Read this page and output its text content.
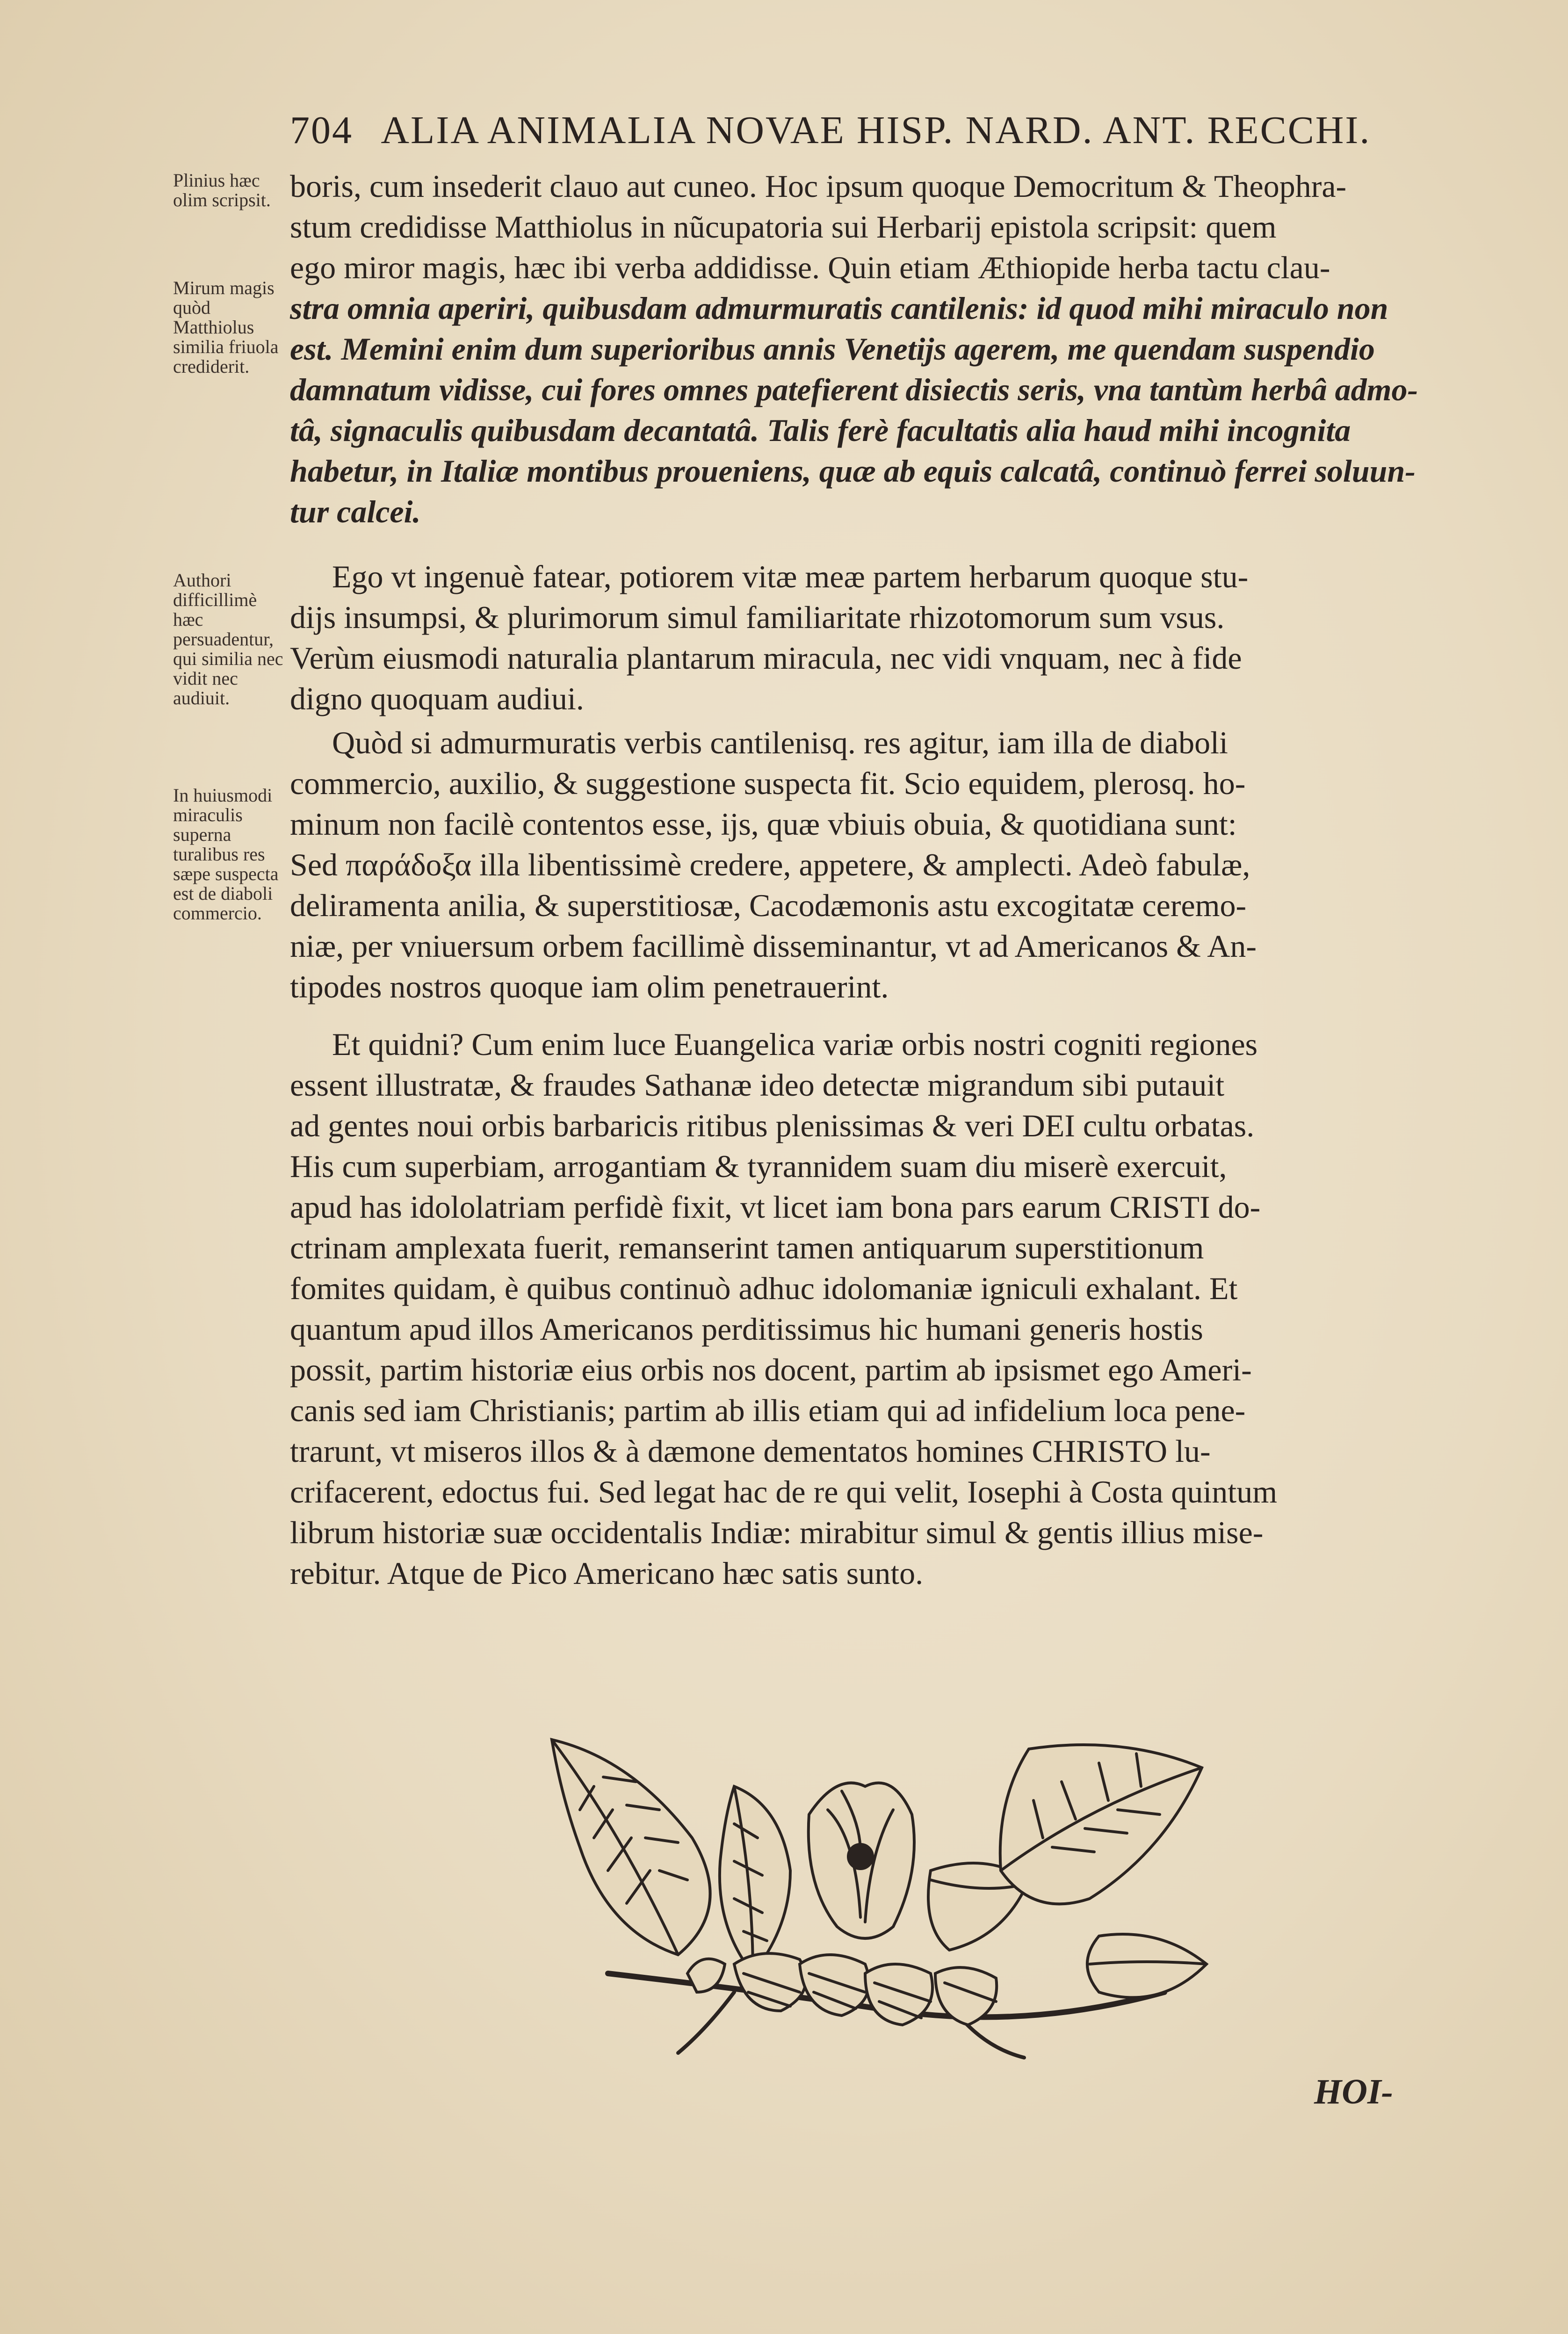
704 ALIA ANIMALIA NOVAE HISP. NARD. ANT. RECCHI.
Plinius hæc olim scripsit.
Mirum magis quòd Matthiolus similia friuola crediderit.
Authori difficillimè hæc persuadentur, qui similia nec vidit nec audiuit.
In huiusmodi miraculis superna turalibus res sæpe suspecta est de diaboli commercio.
boris, cum insederit clauo aut cuneo. Hoc ipsum quoque Democritum & Theophra-
stum credidisse Matthiolus in nũcupatoria sui Herbarij epistola scripsit: quem
ego miror magis, hæc ibi verba addidisse. Quin etiam Æthiopide herba tactu clau-
stra omnia aperiri, quibusdam admurmuratis cantilenis: id quod mihi miraculo non
est. Memini enim dum superioribus annis Venetijs agerem, me quendam suspendio
damnatum vidisse, cui fores omnes patefierent disiectis seris, vna tantùm herbâ admo-
tâ, signaculis quibusdam decantatâ. Talis ferè facultatis alia haud mihi incognita
habetur, in Italiæ montibus proueniens, quæ ab equis calcatâ, continuò ferrei soluun-
tur calcei.
Ego vt ingenuè fatear, potiorem vitæ meæ partem herbarum quoque stu-
dijs insumpsi, & plurimorum simul familiaritate rhizotomorum sum vsus.
Verùm eiusmodi naturalia plantarum miracula, nec vidi vnquam, nec à fide
digno quoquam audiui.
Quòd si admurmuratis verbis cantilenisq. res agitur, iam illa de diaboli
commercio, auxilio, & suggestione suspecta fit. Scio equidem, plerosq. ho-
minum non facilè contentos esse, ijs, quæ vbiuis obuia, & quotidiana sunt:
Sed παράδοξα illa libentissimè credere, appetere, & amplecti. Adeò fabulæ,
deliramenta anilia, & superstitiosæ, Cacodæmonis astu excogitatæ ceremo-
niæ, per vniuersum orbem facillimè disseminantur, vt ad Americanos & An-
tipodes nostros quoque iam olim penetrauerint.
Et quidni? Cum enim luce Euangelica variæ orbis nostri cogniti regiones
essent illustratæ, & fraudes Sathanæ ideo detectæ migrandum sibi putauit
ad gentes noui orbis barbaricis ritibus plenissimas & veri DEI cultu orbatas.
His cum superbiam, arrogantiam & tyrannidem suam diu miserè exercuit,
apud has idololatriam perfidè fixit, vt licet iam bona pars earum CRISTI do-
ctrinam amplexata fuerit, remanserint tamen antiquarum superstitionum
fomites quidam, è quibus continuò adhuc idolomaniæ igniculi exhalant. Et
quantum apud illos Americanos perditissimus hic humani generis hostis
possit, partim historiæ eius orbis nos docent, partim ab ipsismet ego Ameri-
canis sed iam Christianis; partim ab illis etiam qui ad infidelium loca pene-
trarunt, vt miseros illos & à dæmone dementatos homines CHRISTO lu-
crifacerent, edoctus fui. Sed legat hac de re qui velit, Iosephi à Costa quintum
librum historiæ suæ occidentalis Indiæ: mirabitur simul & gentis illius mise-
rebitur. Atque de Pico Americano hæc satis sunto.
HOI-
